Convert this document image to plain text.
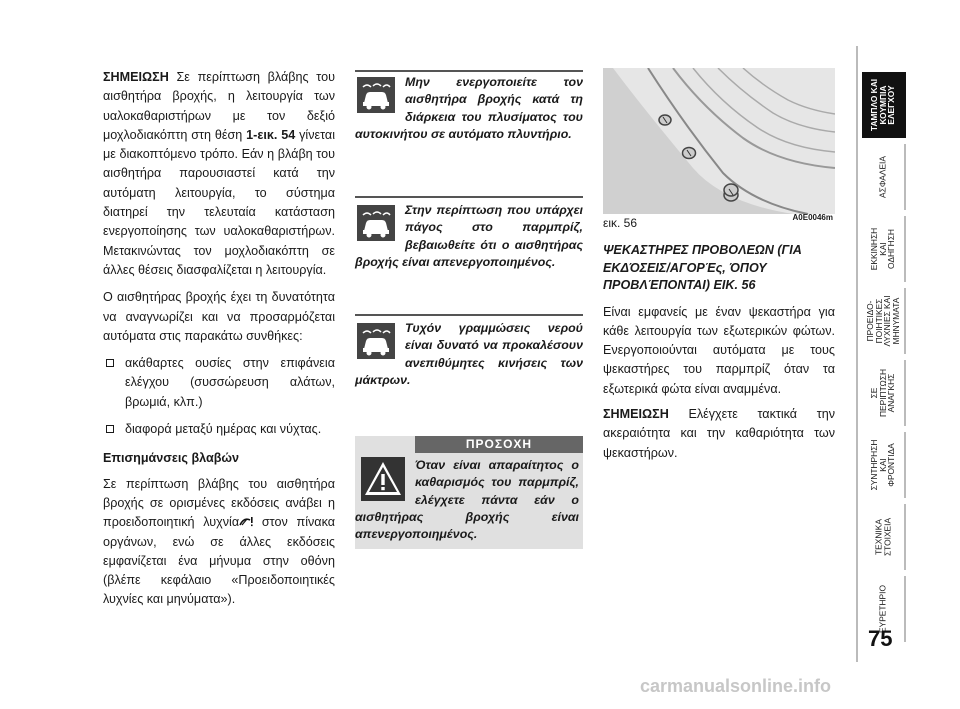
ΣΗΜΕΙΩΣΗ Σε περίπτωση βλάβης του αισθητήρα βροχής, η λειτουργία των υαλοκαθαριστήρων με τον δεξιό μοχλοδιακόπτη στη θέση 1-εικ. 54 γίνεται με διακοπτόμενο τρόπο. Εάν η βλάβη του αισθητήρα παρουσιαστεί κατά την αυτόματη λειτουργία, το σύστημα διατηρεί την τελευταία κατάσταση ενεργοποίησης των υαλοκαθαριστήρων. Μετακινώντας τον μοχλοδιακόπτη σε άλλες θέσεις διασφαλίζεται η λειτουργία.

Ο αισθητήρας βροχής έχει τη δυνατότητα να αναγνωρίζει και να προσαρμόζεται αυτόματα στις παρακάτω συνθήκες:

ακάθαρτες ουσίες στην επιφάνεια ελέγχου (συσσώρευση αλάτων, βρωμιά, κλπ.)
διαφορά μεταξύ ημέρας και νύχτας.
Επισημάνσεις βλαβών

Σε περίπτωση βλάβης του αισθητήρα βροχής σε ορισμένες εκδόσεις ανάβει η προειδοποιητική λυχνία στον πίνακα οργάνων, ενώ σε άλλες εκδόσεις εμφανίζεται ένα μήνυμα στην οθόνη (βλέπε κεφάλαιο «Προειδοποιητικές λυχνίες και μηνύματα»).

Μην ενεργοποιείτε τον αισθητήρα βροχής κατά τη διάρκεια του πλυσίματος του αυτοκινήτου σε αυτόματο πλυντήριο.
Στην περίπτωση που υπάρχει πάγος στο παρμπρίζ, βεβαιωθείτε ότι ο αισθητήρας βροχής είναι απενεργοποιημένος.
Τυχόν γραμμώσεις νερού είναι δυνατό να προκαλέσουν ανεπιθύμητες κινήσεις των μάκτρων.
ΠΡΟΣΟΧΗ
Όταν είναι απαραίτητος ο καθαρισμός του παρμπρίζ, ελέγχετε πάντα εάν ο αισθητήρας βροχής είναι απενεργοποιημένος.
εικ. 56	A0E0046m
ΨΕΚΑΣΤΗΡΕΣ ΠΡΟΒΟΛΕΩΝ (ΓΙΑ ΕΚΔΌΣΕΙΣ/ΑΓΟΡΈς, ΌΠΟΥ ΠΡΟΒΛΈΠΟΝΤΑΙ) ΕΙΚ. 56

Είναι εμφανείς με έναν ψεκαστήρα για κάθε λειτουργία των εξωτερικών φώτων. Ενεργοποιούνται αυτόματα με τους ψεκαστήρες του παρμπρίζ όταν τα εξωτερικά φώτα είναι αναμμένα.

ΣΗΜΕΙΩΣΗ Ελέγχετε τακτικά την ακεραιότητα και την καθαριότητα των ψεκαστήρων.

ΤΑΜΠΛΟ ΚΑΙ
ΚΟΥΜΠΙΑ
ΕΛΕΓΧΟΥ
ΑΣΦΑΛΕΙΑ
ΕΚΚΙΝΗΣΗ
ΚΑΙ
ΟΔΗΓΗΣΗ
ΠΡΟΕΙΔΟ-
ΠΟΙΗΤΙΚΕΣ
ΛΥΧΝΙΕΣ ΚΑΙ
ΜΗΝΥΜΑΤΑ
ΣΕ
ΠΕΡΙΠΤΩΣΗ
ΑΝΑΓΚΗΣ
ΣΥΝΤΗΡΗΣΗ
ΚΑΙ
ΦΡΟΝΤΙΔΑ
ΤΕΧΝΙΚΑ
ΣΤΟΙΧΕΙΑ
ΕΥΡΕΤΗΡΙΟ
75
carmanualsonline.info
